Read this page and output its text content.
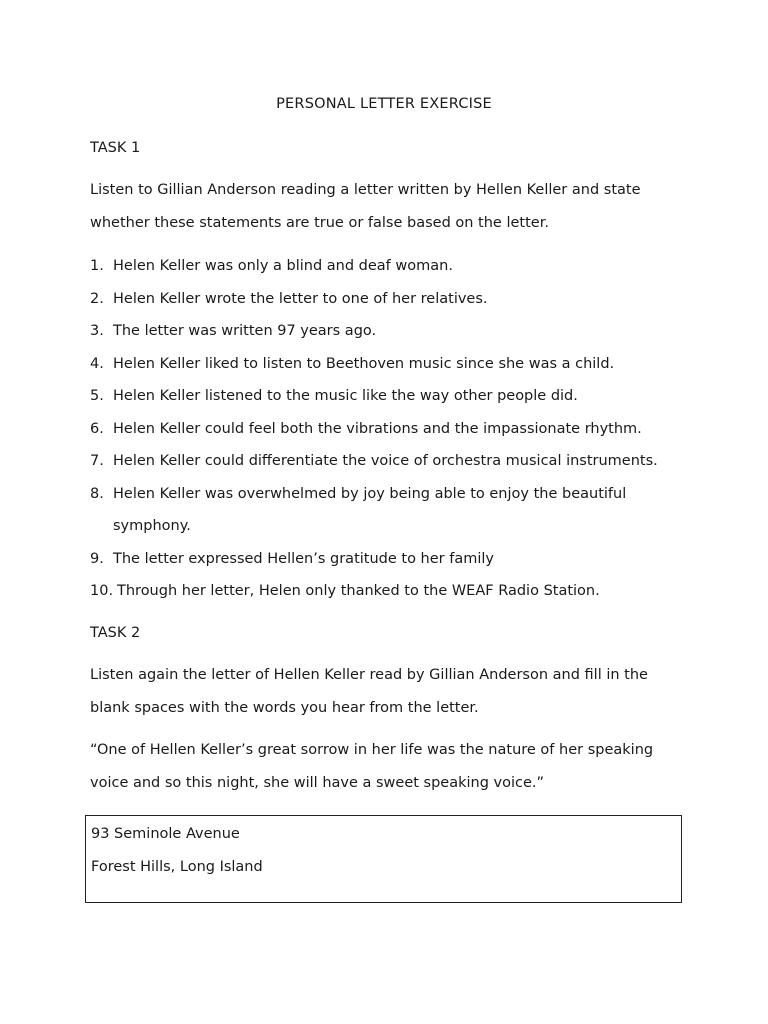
PERSONAL LETTER EXERCISE
TASK 1
Listen to Gillian Anderson reading a letter written by Hellen Keller and state
whether these statements are true or false based on the letter.
1. Helen Keller was only a blind and deaf woman.
2. Helen Keller wrote the letter to one of her relatives.
3. The letter was written 97 years ago.
4. Helen Keller liked to listen to Beethoven music since she was a child.
5. Helen Keller listened to the music like the way other people did.
6. Helen Keller could feel both the vibrations and the impassionate rhythm.
7. Helen Keller could differentiate the voice of orchestra musical instruments.
8. Helen Keller was overwhelmed by joy being able to enjoy the beautiful
symphony.
9. The letter expressed Hellen’s gratitude to her family
10. Through her letter, Helen only thanked to the WEAF Radio Station.
TASK 2
Listen again the letter of Hellen Keller read by Gillian Anderson and fill in the
blank spaces with the words you hear from the letter.
“One of Hellen Keller’s great sorrow in her life was the nature of her speaking
voice and so this night, she will have a sweet speaking voice.”
93 Seminole Avenue
Forest Hills, Long Island
